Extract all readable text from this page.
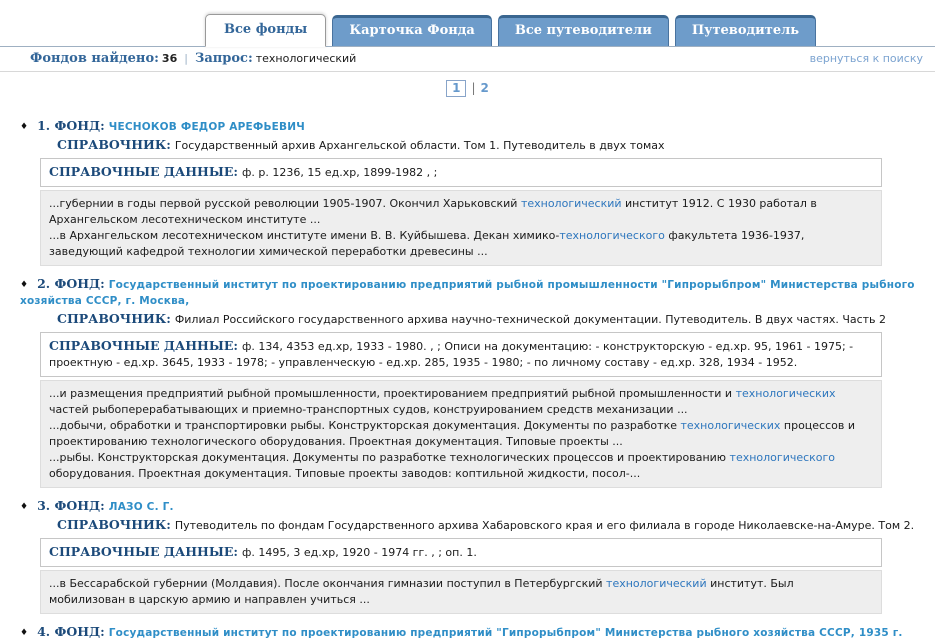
Все фонды	Карточка Фонда	Все путеводители	Путеводитель
Фондов найдено: 36 | Запрос: технологический	вернуться к поиску
1 | 2
♦ 1. ФОНД: ЧЕСНОКОВ ФЕДОР АРЕФЬЕВИЧ
СПРАВОЧНИК: Государственный архив Архангельской области. Том 1. Путеводитель в двух томах
СПРАВОЧНЫЕ ДАННЫЕ: ф. р. 1236, 15 ед.хр, 1899-1982 , ;
...губернии в годы первой русской революции 1905-1907. Окончил Харьковский технологический институт 1912. С 1930 работал в Архангельском лесотехническом институте ...
...в Архангельском лесотехническом институте имени В. В. Куйбышева. Декан химико-технологического факультета 1936-1937, заведующий кафедрой технологии химической переработки древесины ...
♦ 2. ФОНД: Государственный институт по проектированию предприятий рыбной промышленности "Гипрорыбпром" Министерства рыбного хозяйства СССР, г. Москва,
СПРАВОЧНИК: Филиал Российского государственного архива научно-технической документации. Путеводитель. В двух частях. Часть 2
СПРАВОЧНЫЕ ДАННЫЕ: ф. 134, 4353 ед.хр, 1933 - 1980. , ; Описи на документацию: - конструкторскую - ед.хр. 95, 1961 - 1975; - проектную - ед.хр. 3645, 1933 - 1978; - управленческую - ед.хр. 285, 1935 - 1980; - по личному составу - ед.хр. 328, 1934 - 1952.
...и размещения предприятий рыбной промышленности, проектированием предприятий рыбной промышленности и технологических частей рыбоперерабатывающих и приемно-транспортных судов, конструированием средств механизации ...
...добычи, обработки и транспортировки рыбы. Конструкторская документация. Документы по разработке технологических процессов и проектированию технологического оборудования. Проектная документация. Типовые проекты ...
...рыбы. Конструкторская документация. Документы по разработке технологических процессов и проектированию технологического оборудования. Проектная документация. Типовые проекты заводов: коптильной жидкости, посол-...
♦ 3. ФОНД: ЛАЗО С. Г.
СПРАВОЧНИК: Путеводитель по фондам Государственного архива Хабаровского края и его филиала в городе Николаевске-на-Амуре. Том 2.
СПРАВОЧНЫЕ ДАННЫЕ: ф. 1495, 3 ед.хр, 1920 - 1974 гг. , ; оп. 1.
...в Бессарабской губернии (Молдавия). После окончания гимназии поступил в Петербургский технологический институт. Был мобилизован в царскую армию и направлен учиться ...
♦ 4. ФОНД: Государственный институт по проектированию предприятий "Гипрорыбпром" Министерства рыбного хозяйства СССР, 1935 г.
